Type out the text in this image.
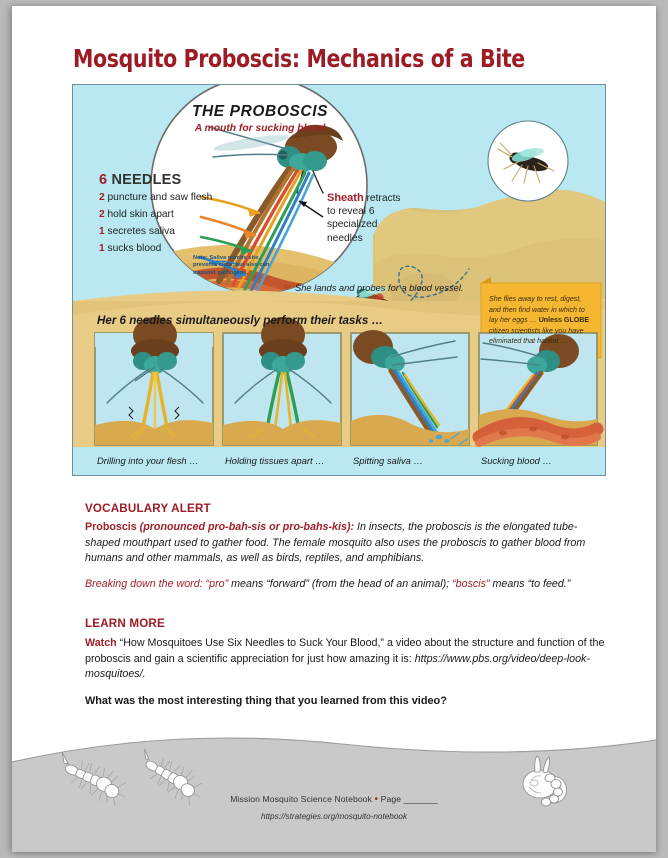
Mosquito Proboscis: Mechanics of a Bite
THE PROBOSCIS
A mouth for sucking blood
6 NEEDLES
2 puncture and saw flesh
2 hold skin apart
1 secretes saliva
1 sucks blood
Sheath retracts to reveal 6 specialized needles
Note: Saliva numbs site, prevents clots, but also can transmit pathogens.
She lands and probes for a blood vessel.
Her 6 needles simultaneously perform their tasks …
She flies away to rest, digest, and then find water in which to lay her eggs … Unless GLOBE citizen scientists like you have eliminated that habitat …
Drilling into your flesh …	Holding tissues apart …	Spitting saliva …	Sucking blood …
VOCABULARY ALERT
Proboscis (pronounced pro-bah-sis or pro-bahs-kis): In insects, the proboscis is the elongated tube-shaped mouthpart used to gather food. The female mosquito also uses the proboscis to gather blood from humans and other mammals, as well as birds, reptiles, and amphibians.
Breaking down the word: “pro” means “forward” (from the head of an animal); “boscis” means “to feed.”
LEARN MORE
Watch “How Mosquitoes Use Six Needles to Suck Your Blood,” a video about the structure and function of the proboscis and gain a scientific appreciation for just how amazing it is: https://www.pbs.org/video/deep-look-mosquitoes/.
What was the most interesting thing that you learned from this video?
Mission Mosquito Science Notebook • Page _______
https://strategies.org/mosquito-notebook
